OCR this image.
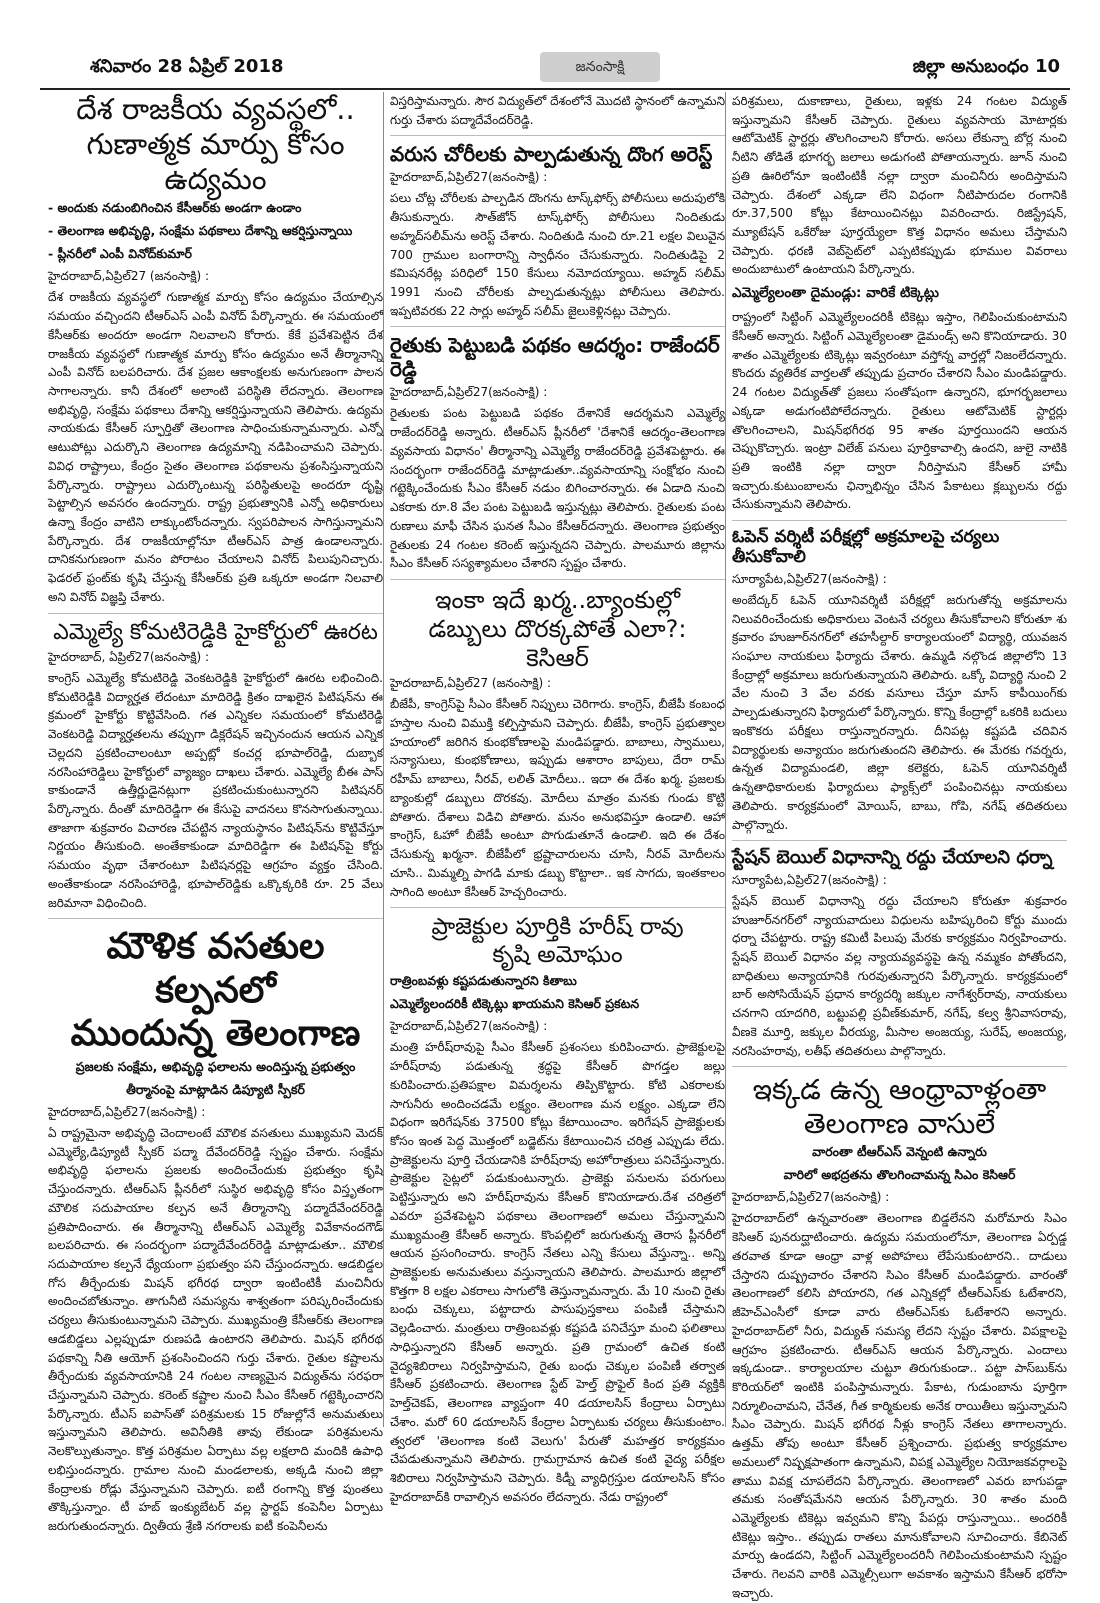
శనివారం 28 ఏప్రిల్ 2018	జనంసాక్షి	జిల్లా అనుబంధం 10
దేశ రాజకీయ వ్యవస్థలో..
గుణాత్మక మార్పు కోసం ఉద్యమం
- అందుకు నడుంబిగించిన కేసీఆర్‌కు అండగా ఉండాం
- తెలంగాణ అభివృద్ధి, సంక్షేమ పథకాలు దేశాన్ని ఆకర్షిస్తున్నాయి
- ప్లీనరీలో ఎంపీ వినోద్‌కుమార్
హైదరాబాద్,ఏప్రిల్27 (జనంసాక్షి) :

దేశ రాజకీయ వ్యవస్థలో గుణాత్మక మార్పు కోసం ఉద్యమం చేయాల్సిన సమయం వచ్చిందని టీఆర్‌ఎస్ ఎంపీ వినోద్ పేర్కొన్నారు. ఈ సమయంలో కేసీఆర్‌కు అందరూ అండగా నిలవాలని కోరారు. కేకే ప్రవేశపెట్టిన దేశ రాజకీయ వ్యవస్థలో గుణాత్మక మార్పు కోసం ఉద్యమం అనే తీర్మానాన్ని ఎంపీ వినోద్ బలపరిచారు. దేశ ప్రజల ఆకాంక్షలకు అనుగుణంగా పాలన సాగాలన్నారు. కానీ దేశంలో అలాంటి పరిస్థితి లేదన్నారు. తెలంగాణ అభివృద్ధి, సంక్షేమ పథకాలు దేశాన్ని ఆకర్షిస్తున్నాయని తెలిపారు. ఉద్యమ నాయకుడు కేసీఆర్ స్ఫూర్తితో తెలంగాణ సాధించుకున్నామన్నారు. ఎన్నో ఆటుపోట్లు ఎదుర్కొని తెలంగాణ ఉద్యమాన్ని నడిపించామని చెప్పారు. వివిధ రాష్ట్రాలు, కేంద్రం సైతం తెలంగాణ పథకాలను ప్రశంసిస్తున్నాయని పేర్కొన్నారు. రాష్ట్రాలు ఎదుర్కొంటున్న పరిస్థితులపై అందరూ దృష్టి పెట్టాల్సిన అవసరం ఉందన్నారు. రాష్ట్ర ప్రభుత్వానికి ఎన్నో అధికారులు ఉన్నా కేంద్రం వాటిని లాక్కుంటోందన్నారు. స్వపరిపాలన సాగిస్తున్నామని పేర్కొన్నారు. దేశ రాజకీయాల్లోనూ టీఆర్‌ఎస్ పాత్ర ఉండాలన్నారు. దానికనుగుణంగా మనం పోరాటం చేయాలని వినోద్ పిలుపునిచ్చారు. ఫెడరల్ ఫ్రంట్‌కు కృషి చేస్తున్న కేసీఆర్‌కు ప్రతి ఒక్కరూ అండగా నిలవాలి అని వినోద్ విజ్ఞప్తి చేశారు.

ఎమ్మెల్యే కోమటిరెడ్డికి హైకోర్టులో ఊరట
హైదరాబాద్, ఏప్రిల్27(జనంసాక్షి) :

కాంగ్రెస్ ఎమ్మెల్యే కోమటిరెడ్డి వెంకటరెడ్డికి హైకోర్టులో ఊరట లభించింది. కోమటిరెడ్డికి విద్యార్హత లేదంటూ మాదిరెడ్డి క్రితం దాఖలైన పిటిషన్‌ను ఈ క్రమంలో హైకోర్టు కొట్టివేసింది. గత ఎన్నికల సమయంలో కోమటిరెడ్డి వెంకటరెడ్డి విద్యార్హతలను తప్పుగా డిక్లరేషన్ ఇచ్చినందున ఆయన ఎన్నిక చెల్లదని ప్రకటించాలంటూ అప్పట్లో కంచర్ల భూపాల్‌రెడ్డి, దుబ్బాక నరసింహారెడ్డిలు హైకోర్టులో వ్యాజ్యం దాఖలు చేశారు. ఎమ్మెల్యే బీఈ పాస్ కాకుండానే ఉత్తీర్ణుడైనట్లుగా ప్రకటించుకుంటున్నారని పిటిషనర్ పేర్కొన్నారు. దీంతో మాదిరెడ్డిగా ఈ కేసుపై వాదనలు కొనసాగుతున్నాయి. తాజాగా శుక్రవారం విచారణ చేపట్టిన న్యాయస్థానం పిటిషన్‌ను కొట్టివేస్తూ నిర్ణయం తీసుకుంది. అంతేకాకుండా మాదిరెడ్డిగా ఈ పిటిషన్‌పై కోర్టు సమయం వృథా చేశారంటూ పిటిషనర్లపై ఆగ్రహం వ్యక్తం చేసింది. అంతేకాకుండా నరసింహారెడ్డి, భూపాల్‌రెడ్డికు ఒక్కొక్కరికి రూ. 25 వేలు జరిమానా విధించింది.

మౌళిక వసతుల కల్పనలో
ముందున్న తెలంగాణ
ప్రజలకు సంక్షేమ, అభివృద్ధి ఫలాలను అందిస్తున్న ప్రభుత్వం
తీర్మానంపై మాట్లాడిన డిప్యూటి స్పీకర్
హైదరాబాద్,ఏప్రిల్27(జనంసాక్షి) :

ఏ రాష్ట్రమైనా అభివృద్ధి చెందాలంటే మౌలిక వసతులు ముఖ్యమని మెదక్ ఎమ్మెల్యే,డిప్యూటీ స్పీకర్ పద్మా దేవేందర్‌రెడ్డి స్పష్టం చేశారు. సంక్షేమ అభివృద్ధి ఫలాలను ప్రజలకు అందించేందుకు ప్రభుత్వం కృషి చేస్తుందన్నారు. టీఆర్‌ఎస్ ప్లీనరీలో సుస్థిర అభివృద్ధి కోసం విస్తృతంగా మౌలిక సదుపాయాల కల్పన అనే తీర్మానాన్ని పద్మాదేవేందర్‌రెడ్డి ప్రతిపాదించారు. ఈ తీర్మానాన్ని టీఆర్‌ఎస్ ఎమ్మెల్యే వివేకానందగౌడ్ బలపరిచారు. ఈ సందర్భంగా పద్మాదేవేందర్‌రెడ్డి మాట్లాడుతూ.. మౌలిక సదుపాయాల కల్పనే ధ్యేయంగా ప్రభుత్వం పని చేస్తుందన్నారు. ఆడబిడ్డల గోస తీర్చేందుకు మిషన్ భగీరథ ద్వారా ఇంటింటికీ మంచినీరు అందించబోతున్నాం. తాగునీటి సమస్యను శాశ్వతంగా పరిష్కరించేందుకు చర్యలు తీసుకుంటున్నామని చెప్పారు. ముఖ్యమంత్రి కేసీఆర్‌కు తెలంగాణ ఆడబిడ్డలు ఎల్లప్పుడూ రుణపడి ఉంటారని తెలిపారు. మిషన్ భగీరథ పథకాన్ని నీతి ఆయోగ్ ప్రశంసించిందని గుర్తు చేశారు. రైతుల కష్టాలను తీర్చేందుకు వ్యవసాయానికి 24 గంటల నాణ్యమైన విద్యుత్‌ను సరఫరా చేస్తున్నామని చెప్పారు. కరెంట్ కష్టాల నుంచి సీఎం కేసీఆర్ గట్టెక్కించారని పేర్కొన్నారు. టీఎస్ ఐపాస్‌తో పరిశ్రమలకు 15 రోజుల్లోనే అనుమతులు ఇస్తున్నామని తెలిపారు. అవినీతికి తావు లేకుండా పరిశ్రమలను నెలకొల్పుతున్నాం. కొత్త పరిశ్రమల ఏర్పాటు వల్ల లక్షలాది మందికి ఉపాధి లభిస్తుందన్నారు. గ్రామాల నుంచి మండలాలకు, అక్కడి నుంచి జిల్లా కేంద్రాలకు రోడ్లు వేస్తున్నామని చెప్పారు. ఐటీ రంగాన్ని కొత్త పుంతలు తొక్కిస్తున్నాం. టీ హబ్ ఇంక్యుబేటర్ వల్ల స్టార్టప్ కంపెనీల ఏర్పాటు జరుగుతుందన్నారు. ద్వితీయ శ్రేణి నగరాలకు ఐటీ కంపెనీలను

విస్తరిస్తామన్నారు. సౌర విద్యుత్‌లో దేశంలోనే మొదటి స్థానంలో ఉన్నామని గుర్తు చేశారు పద్మాదేవేందర్‌రెడ్డి.

వరుస చోరీలకు పాల్పడుతున్న దొంగ అరెస్ట్
హైదరాబాద్,ఏప్రిల్27(జనంసాక్షి) :

పలు చోట్ల చోరీలకు పాల్పడిన దొంగను టాస్క్‌ఫోర్స్ పోలీసులు అదుపులోకి తీసుకున్నారు. సౌత్‌జోన్ టాస్క్‌ఫోర్స్ పోలీసులు నిందితుడు అహ్మద్‌సలీమ్‌ను అరెస్ట్ చేశారు. నిందితుడి నుంచి రూ.21 లక్షల విలువైన 700 గ్రాముల బంగారాన్ని స్వాధీనం చేసుకున్నారు. నిందితుడిపై 2 కమిషనరేట్ల పరిధిలో 150 కేసులు నమోదయ్యాయి. అహ్మద్ సలీమ్ 1991 నుంచి చోరీలకు పాల్పడుతున్నట్లు పోలీసులు తెలిపారు. ఇప్పటివరకు 22 సార్లు అహ్మద్ సలీమ్ జైలుకెళ్లినట్లు చెప్పారు.

రైతుకు పెట్టుబడి పథకం ఆదర్శం: రాజేందర్ రెడ్డి
హైదరాబాద్,ఏప్రిల్27(జనంసాక్షి) :

రైతులకు పంట పెట్టుబడి పథకం దేశానికే ఆదర్శమని ఎమ్మెల్యే రాజేందర్‌రెడ్డి అన్నారు. టీఆర్‌ఎస్ ప్లీనరీలో 'దేశానికే ఆదర్శం-తెలంగాణ వ్యవసాయ విధానం' తీర్మానాన్ని ఎమ్మెల్యే రాజేందర్‌రెడ్డి ప్రవేశపెట్టారు. ఈ సందర్భంగా రాజేందర్‌రెడ్డి మాట్లాడుతూ..వ్యవసాయాన్ని సంక్షోభం నుంచి గట్టెక్కించేందుకు సీఎం కేసీఆర్ నడుం బిగించారన్నారు. ఈ ఏడాది నుంచి ఎకరాకు రూ.8 వేల పంట పెట్టుబడి ఇస్తున్నట్లు తెలిపారు. రైతులకు పంట రుణాలు మాఫీ చేసిన ఘనత సీఎం కేసీఆర్‌దన్నారు. తెలంగాణ ప్రభుత్వం రైతులకు 24 గంటల కరెంట్ ఇస్తున్నదని చెప్పారు. పాలమూరు జిల్లాను సీఎం కేసీఆర్ సస్యశ్యామలం చేశారని స్పష్టం చేశారు.

ఇంకా ఇదే ఖర్మ..బ్యాంకుల్లో
డబ్బులు దొరక్కపోతే ఎలా?:
కెసిఆర్
హైదరాబాద్,ఏప్రిల్27 (జనంసాక్షి) :

బీజేపీ, కాంగ్రెస్‌పై సీఎం కేసీఆర్ నిప్పులు చెరిగారు. కాంగ్రెస్, బీజేపీ కంబంధ హస్తాల నుంచి విముక్తి కల్పిస్తామని చెప్పారు. బీజేపీ, కాంగ్రెస్ ప్రభుత్వాల హయాంలో జరిగిన కుంభకోణాలపై మండిపడ్డారు. బాబాలు, స్వాములు, సన్యాసులు, కుంభకోణాలు, ఇప్పుడు ఆశారాం బాపులు, దేరా రామ్ రహీమ్ బాబాలు, నీరవ్, లలిత్ మోదీలు.. ఇదా ఈ దేశం ఖర్మ. ప్రజలకు బ్యాంకుల్లో డబ్బులు దొరకవు. మోదీలు మాత్రం మనకు గుండు కొట్టి పోతారు. దేశాలు విడిచి పోతారు. మనం అనుభవిస్తూ ఉండాలి. ఆహా కాంగ్రెస్, ఓహో బీజేపీ అంటూ పొగుడుతూనే ఉండాలి. ఇది ఈ దేశం చేసుకున్న ఖర్మనా. బీజేపీలో భ్రష్టాచారులను చూసి, నీరవ్ మోదీలను చూసి.. మిమ్మల్ని పాగడి మాకు డబ్బు కొట్టాలా.. ఇక సాగదు, ఇంతకాలం సాగింది అంటూ కేసీఆర్ హెచ్చరించారు.

ప్రాజెక్టుల పూర్తికి హరీష్ రావు
కృషి అమోఘం
రాత్రింబవళ్లు కష్టపడుతున్నారని కితాబు
ఎమ్మెల్యేలందరికీ టిక్కెట్లు ఖాయమని కెసిఆర్ ప్రకటన
హైదరాబాద్,ఏప్రిల్27(జనంసాక్షి) :

మంత్రి హరీష్‌రావుపై సీఎం కేసీఆర్ ప్రశంసలు కురిపించారు. ప్రాజెక్టులపై హరీష్‌రావు పడుతున్న శ్రద్ధపై కేసీఆర్ పొగడ్తల జల్లు కురిపించారు.ప్రతిపక్షాల విమర్శలను తిప్పికొట్టారు. కోటి ఎకరాలకు సాగునీరు అందించడమే లక్ష్యం. తెలంగాణ మన లక్ష్యం. ఎక్కడా లేని విధంగా ఇరిగేషన్‌కు 37500 కోట్లు కేటాయించాం. ఇరిగేషన్ ప్రాజెక్టులకు కోసం ఇంత పెద్ద మొత్తంలో బడ్జెట్‌ను కేటాయించిన చరిత్ర ఎప్పుడు లేదు. ప్రాజెక్టులను పూర్తి చేయడానికి హరీష్‌రావు అహోరాత్రులు పనిచేస్తున్నారు. ప్రాజెక్టుల సైట్లలో పడుకుంటున్నారు. ప్రాజెక్టు పనులను పరుగులు పెట్టిస్తున్నారు అని హరీష్‌రావును కేసీఆర్ కొనియాడారు.దేశ చరిత్రలో ఎవరూ ప్రవేశపెట్టని పథకాలు తెలంగాణలో అమలు చేస్తున్నామని ముఖ్యమంత్రి కేసీఆర్ అన్నారు. కొంపల్లిలో జరుగుతున్న తెరాస ప్లీనరీలో ఆయన ప్రసంగించారు. కాంగ్రెస్ నేతలు ఎన్ని కేసులు వేస్తున్నా.. అన్ని ప్రాజెక్టులకు అనుమతులు వస్తున్నాయని తెలిపారు. పాలమూరు జిల్లాలో కొత్తగా 8 లక్షల ఎకరాలు సాగులోకి తెస్తున్నామన్నారు. మే 10 నుంచి రైతు బంధు చెక్కులు, పట్టాదారు పాసుపుస్తకాలు పంపిణీ చేస్తామని వెల్లడించారు. మంత్రులు రాత్రింబవళ్లు కష్టపడి పనిచేస్తూ మంచి ఫలితాలు సాధిస్తున్నారని కేసీఆర్ అన్నారు. ప్రతి గ్రామంలో ఉచిత కంటి వైద్యశిబిరాలు నిర్వహిస్తామని, రైతు బంధు చెక్కుల పంపిణీ తర్వాత కేసీఆర్ ప్రకటించారు. తెలంగాణ స్టేట్ హెల్త్ ప్రొఫైల్ కింద ప్రతి వ్యక్తికి హెల్త్‌చెకప్, తెలంగాణ వ్యాప్తంగా 40 డయాలసిస్ కేంద్రాలు ఏర్పాటు చేశాం. మరో 60 డయాలసిస్ కేంద్రాల ఏర్పాటుకు చర్యలు తీసుకుంటాం. త్వరలో 'తెలంగాణ కంటి వెలుగు' పేరుతో మహత్తర కార్యక్రమం చేపడుతున్నామని తెలిపారు. గ్రామగ్రామాన ఉచిత కంటి వైద్య పరీక్షల శిబిరాలు నిర్వహిస్తామని చెప్పారు. కిడ్నీ వ్యాధిగ్రస్తుల డయాలసిస్ కోసం హైదరాబాద్‌కి రావాల్సిన అవసరం లేదన్నారు. నేడు రాష్ట్రంలో

పరిశ్రమలు, దుకాణాలు, రైతులు, ఇళ్లకు 24 గంటల విద్యుత్ ఇస్తున్నామని కేసీఆర్ చెప్పారు. రైతులు వ్యవసాయ మోటార్లకు ఆటోమెటిక్ స్టార్టర్లు తొలగించాలని కోరారు. అసలు లేకున్నా బోర్ల నుంచి నీటిని తోడితే భూగర్భ జలాలు అడుగంటి పోతాయన్నారు. జూన్ నుంచి ప్రతి ఊరిలోనూ ఇంటింటికీ నల్లా ద్వారా మంచినీరు అందిస్తామని చెప్పారు. దేశంలో ఎక్కడా లేని విధంగా నీటిపారుదల రంగానికి రూ.37,500 కోట్లు కేటాయించినట్లు వివరించారు. రిజిస్ట్రేషన్, మ్యూటేషన్ ఒకేరోజు పూర్తయ్యేలా కొత్త విధానం అమలు చేస్తామని చెప్పారు. ధరణి వెబ్‌సైట్‌లో ఎప్పటికప్పుడు భూముల వివరాలు అందుబాటులో ఉంటాయని పేర్కొన్నారు.

ఎమ్మెల్యేలంతా దైమండ్లు: వారికే టిక్కెట్లు

రాష్ట్రంలో సిట్టింగ్ ఎమ్మెల్యేలందరికీ టికెట్లు ఇస్తాం, గెలిపించుకుంటామని కేసీఆర్ అన్నారు. సిట్టింగ్ ఎమ్మెల్యేలంతా డైమండ్స్ అని కొనియాడారు. 30 శాతం ఎమ్మెల్యేలకు టిక్కెట్లు ఇవ్వరంటూ వస్తోన్న వార్తల్లో నిజంలేదన్నారు. కొందరు వ్యతిరేక వార్తలతో తప్పుడు ప్రచారం చేశారని సీఎం మండిపడ్డారు. 24 గంటల విద్యుత్‌తో ప్రజలు సంతోషంగా ఉన్నారని, భూగర్భజలాలు ఎక్కడా అడుగంటిపోలేదన్నారు. రైతులు ఆటోమెటిక్ స్టార్టర్లు తొలగించాలని, మిషన్‌భగీరథ 95 శాతం పూర్తయిందని ఆయన చెప్పుకొచ్చారు. ఇంట్రా విలేజ్ పనులు పూర్తికావాల్సి ఉందని, జులై నాటికి ప్రతి ఇంటికి నల్లా ద్వారా నీరిస్తామని కేసీఆర్ హామీ ఇచ్చారు.కుటుంబాలను ఛిన్నాభిన్నం చేసిన పేకాటలు క్లబ్బులను రద్దు చేసుకున్నామని తెలిపారు.

ఓపెన్ వర్శిటీ పరీక్షల్లో అక్రమాలపై చర్యలు తీసుకోవాలి
సూర్యాపేట,ఏప్రిల్27(జనంసాక్షి) :

అంబేద్కర్ ఓపెన్ యూనివర్శిటీ పరీక్షల్లో జరుగుతోన్న అక్రమాలను నిలువరించేందుకు అధికారులు వెంటనే చర్యలు తీసుకోవాలని కోరుతూ శు క్రవారం హుజూర్‌నగర్‌లో తహసీల్దార్ కార్యాలయంలో విద్యార్థి, యువజన సంఘాల నాయకులు ఫిర్యాదు చేశారు. ఉమ్మడి నల్గొండ జిల్లాలోని 13 కేంద్రాల్లో అక్రమాలు జరుగుతున్నాయని తెలిపారు. ఒక్కో విద్యార్థి నుంచి 2 వేల నుంచి 3 వేల వరకు వసూలు చేస్తూ మాస్ కాపీయింగ్‌కు పాల్పడుతున్నారని ఫిర్యాదులో పేర్కొన్నారు. కొన్ని కేంద్రాల్లో ఒకరికి బదులు ఇంకొకరు పరీక్షలు రాస్తున్నారన్నారు. దీనిపట్ల కష్టపడి చదివిన విద్యార్థులకు అన్యాయం జరుగుతుందని తెలిపారు. ఈ మేరకు గవర్నరు, ఉన్నత విద్యామండలి, జిల్లా కలెక్టరు, ఓపెన్ యూనివర్శిటీ ఉన్నతాధికారులకు ఫిర్యాదులు ఫ్యాక్స్‌లో పంపించినట్లు నాయకులు తెలిపారు. కార్యక్రమంలో మోయిస్, బాబు, గోపి, నగేష్ తదితరులు పాల్గొన్నారు.

స్టేషన్ బెయిల్ విధానాన్ని రద్దు చేయాలని ధర్నా
సూర్యాపేట,ఏప్రిల్27(జనంసాక్షి) :

స్టేషన్ బెయిల్ విధానాన్ని రద్దు చేయాలని కోరుతూ శుక్రవారం హుజూర్‌నగర్‌లో న్యాయవాదులు విధులను బహిష్కరించి కోర్టు ముందు ధర్నా చేపట్టారు. రాష్ట్ర కమిటీ పిలుపు మేరకు కార్యక్రమం నిర్వహించారు. స్టేషన్ బెయిల్ విధానం వల్ల న్యాయవ్యవస్థపై ఉన్న నమ్మకం పోతోందని, బాధితులు అన్యాయానికి గురవుతున్నారని పేర్కొన్నారు. కార్యక్రమంలో బార్ అసోసియేషన్ ప్రధాన కార్యదర్శి జక్కుల నాగేశ్వర్‌రావు, నాయకులు చనగాని యాదగిరి, బట్టుపల్లి ప్రవీణ్‌కుమార్, నగేష్, కల్వ శ్రీనివాసరావు, వీణకె మూర్తి, జక్కుల వీరయ్య, మీసాల అంజయ్య, సురేష్, అంజయ్య, నరసింహరావు, లతీఫ్ తదితరులు పాల్గొన్నారు.

ఇక్కడ ఉన్న ఆంధ్రావాళ్లంతా
తెలంగాణ వాసులే
వారంతా టీఆర్‌ఎస్ వెన్నంటి ఉన్నారు
వారిలో అభద్రతను తొలగించామన్న సిఎం కెసిఆర్
హైదరాబాద్,ఏప్రిల్27(జనంసాక్షి) :

హైదరాబాద్‌లో ఉన్నవారంతా తెలంగాణ బిడ్డలేనని మరోమారు సిఎం కెసిఆర్ పునరుద్ఘాటించారు. ఉద్యమ సమయంలోనూ, తెలంగాణ ఏర్పడ్డ తరవాత కూడా ఆంధ్రా వాళ్ల అపోహలు లేపేసుకుంటారని.. దాడులు చేస్తారని దుష్ప్రచారం చేశారని సిఎం కేసీఆర్ మండిపడ్డారు. వారంతో తెలంగాణలో కలిసి పోయారని, గత ఎన్నికల్లో టీఆర్‌ఎస్‌కు ఓటేశారని, జీహెచ్‌ఎంసీలో కూడా వారు టిఆర్‌ఎస్‌కు ఓటేశారని అన్నారు. హైదరాబాద్‌లో నీరు, విద్యుత్ సమస్య లేదని స్పష్టం చేశారు. విపక్షాలపై ఆగ్రహం ప్రకటించారు. టీఆర్‌ఎస్ ఆయన పేర్కొన్నారు. ఎందాలు ఇక్కడుండా.. కార్యాలయాల చుట్టూ తిరుగుకుండా.. పట్టా పాస్‌బుక్‌ను కొరియర్‌లో ఇంటికి పంపిస్తామన్నారు. పేకాట, గుడుంబాను పూర్తిగా నిర్మూలించామని, చేనేత, గీత కార్మికులకు అనేక రాయితీలు ఇస్తున్నామని సీఎం చెప్పారు. మిషన్ భగీరథ నీళ్లు కాంగ్రెస్ నేతలు తాగాలన్నారు. ఉత్తమ్ తోపు అంటూ కేసీఆర్ ప్రశ్నించారు. ప్రభుత్వ కార్యక్రమాల అమలులో నిష్పక్షపాతంగా ఉన్నామని, విపక్ష ఎమ్మెల్యేల నియోజకవర్గాలపై తాము వివక్ష చూపలేదని పేర్కొన్నారు. తెలంగాణలో ఎవరు బాగుపడ్డా తమకు సంతోషమేనని ఆయన పేర్కొన్నారు. 30 శాతం మంది ఎమ్మెల్యేలకు టికెట్లు ఇవ్వమని కొన్ని పేపర్లు రాస్తున్నాయి.. అందరికీ టికెట్లు ఇస్తాం.. తప్పుడు రాతలు మానుకోవాలని సూచించారు. కేబినెట్ మార్పు ఉండదని, సిట్టింగ్ ఎమ్మెల్యేలందరినీ గెలిపించుకుంటామని స్పష్టం చేశారు. గెలవని వారికి ఎమ్మెల్సీలుగా అవకాశం ఇస్తామని కేసీఆర్ భరోసా ఇచ్చారు.
